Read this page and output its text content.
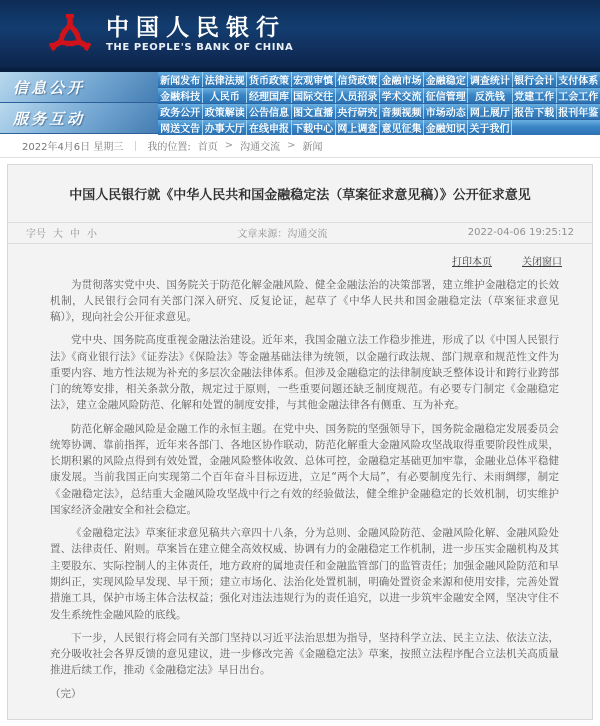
中国人民银行
THE PEOPLE'S BANK OF CHINA
信息公开
服务互动
新闻发布 法律法规 货币政策 宏观审慎 信贷政策 金融市场 金融稳定 调查统计 银行会计 支付体系
金融科技 人民币 经理国库 国际交往 人员招录 学术交流 征信管理 反洗钱 党建工作 工会工作
政务公开 政策解读 公告信息 图文直播 央行研究 音频视频 市场动态 网上展厅 报告下载 报刊年鉴
网送文告 办事大厅 在线申报 下载中心 网上调查 意见征集 金融知识 关于我们
2022年4月6日 星期三 ｜ 我的位置: 首页 > 沟通交流 > 新闻
中国人民银行就《中华人民共和国金融稳定法（草案征求意见稿）》公开征求意见
字号 大 中 小	文章来源：沟通交流	2022-04-06 19:25:12
打印本页	关闭窗口

为贯彻落实党中央、国务院关于防范化解金融风险、健全金融法治的决策部署，建立维护金融稳定的长效机制，人民银行会同有关部门深入研究、反复论证，起草了《中华人民共和国金融稳定法（草案征求意见稿）》，现向社会公开征求意见。

党中央、国务院高度重视金融法治建设。近年来，我国金融立法工作稳步推进，形成了以《中国人民银行法》《商业银行法》《证券法》《保险法》等金融基础法律为统领，以金融行政法规、部门规章和规范性文件为重要内容、地方性法规为补充的多层次金融法律体系。但涉及金融稳定的法律制度缺乏整体设计和跨行业跨部门的统筹安排，相关条款分散，规定过于原则，一些重要问题还缺乏制度规范。有必要专门制定《金融稳定法》，建立金融风险防范、化解和处置的制度安排，与其他金融法律各有侧重、互为补充。

防范化解金融风险是金融工作的永恒主题。在党中央、国务院的坚强领导下，国务院金融稳定发展委员会统筹协调、靠前指挥，近年来各部门、各地区协作联动，防范化解重大金融风险攻坚战取得重要阶段性成果，长期积累的风险点得到有效处置，金融风险整体收敛、总体可控，金融稳定基础更加牢靠，金融业总体平稳健康发展。当前我国正向实现第二个百年奋斗目标迈进，立足“两个大局”，有必要制度先行、未雨绸缪，制定《金融稳定法》，总结重大金融风险攻坚战中行之有效的经验做法，健全维护金融稳定的长效机制，切实维护国家经济金融安全和社会稳定。

《金融稳定法》草案征求意见稿共六章四十八条，分为总则、金融风险防范、金融风险化解、金融风险处置、法律责任、附则。草案旨在建立健全高效权威、协调有力的金融稳定工作机制，进一步压实金融机构及其主要股东、实际控制人的主体责任，地方政府的属地责任和金融监管部门的监管责任；加强金融风险防范和早期纠正，实现风险早发现、早干预；建立市场化、法治化处置机制，明确处置资金来源和使用安排，完善处置措施工具，保护市场主体合法权益；强化对违法违规行为的责任追究，以进一步筑牢金融安全网，坚决守住不发生系统性金融风险的底线。

下一步，人民银行将会同有关部门坚持以习近平法治思想为指导，坚持科学立法、民主立法、依法立法，充分吸收社会各界反馈的意见建议，进一步修改完善《金融稳定法》草案，按照立法程序配合立法机关高质量推进后续工作，推动《金融稳定法》早日出台。

（完）
